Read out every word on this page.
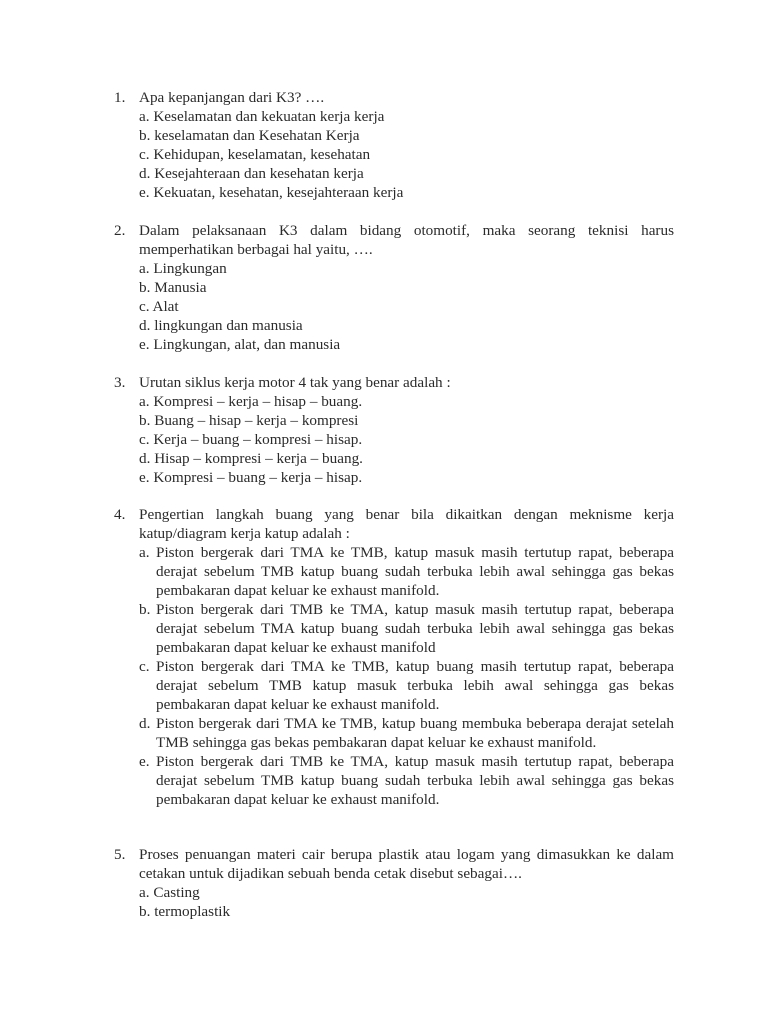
1. Apa kepanjangan dari K3? ….
a. Keselamatan dan kekuatan kerja kerja
b. keselamatan dan Kesehatan Kerja
c. Kehidupan, keselamatan, kesehatan
d. Kesejahteraan dan kesehatan kerja
e. Kekuatan, kesehatan, kesejahteraan kerja
2. Dalam pelaksanaan K3 dalam bidang otomotif, maka seorang teknisi harus memperhatikan berbagai hal yaitu, ….
a. Lingkungan
b. Manusia
c. Alat
d. lingkungan dan manusia
e. Lingkungan, alat, dan manusia
3. Urutan siklus kerja motor 4 tak yang benar adalah :
a. Kompresi – kerja – hisap – buang.
b. Buang – hisap – kerja – kompresi
c. Kerja – buang – kompresi – hisap.
d. Hisap – kompresi – kerja – buang.
e. Kompresi – buang – kerja – hisap.
4. Pengertian langkah buang yang benar bila dikaitkan dengan meknisme kerja katup/diagram kerja katup adalah :
a. Piston bergerak dari TMA ke TMB, katup masuk masih tertutup rapat, beberapa derajat sebelum TMB katup buang sudah terbuka lebih awal sehingga gas bekas pembakaran dapat keluar ke exhaust manifold.
b. Piston bergerak dari TMB ke TMA, katup masuk masih tertutup rapat, beberapa derajat sebelum TMA katup buang sudah terbuka lebih awal sehingga gas bekas pembakaran dapat keluar ke exhaust manifold
c. Piston bergerak dari TMA ke TMB, katup buang masih tertutup rapat, beberapa derajat sebelum TMB katup masuk terbuka lebih awal sehingga gas bekas pembakaran dapat keluar ke exhaust manifold.
d. Piston bergerak dari TMA ke TMB, katup buang membuka beberapa derajat setelah TMB sehingga gas bekas pembakaran dapat keluar ke exhaust manifold.
e. Piston bergerak dari TMB ke TMA, katup masuk masih tertutup rapat, beberapa derajat sebelum TMB katup buang sudah terbuka lebih awal sehingga gas bekas pembakaran dapat keluar ke exhaust manifold.
5. Proses penuangan materi cair berupa plastik atau logam yang dimasukkan ke dalam cetakan untuk dijadikan sebuah benda cetak disebut sebagai….
a. Casting
b. termoplastik
